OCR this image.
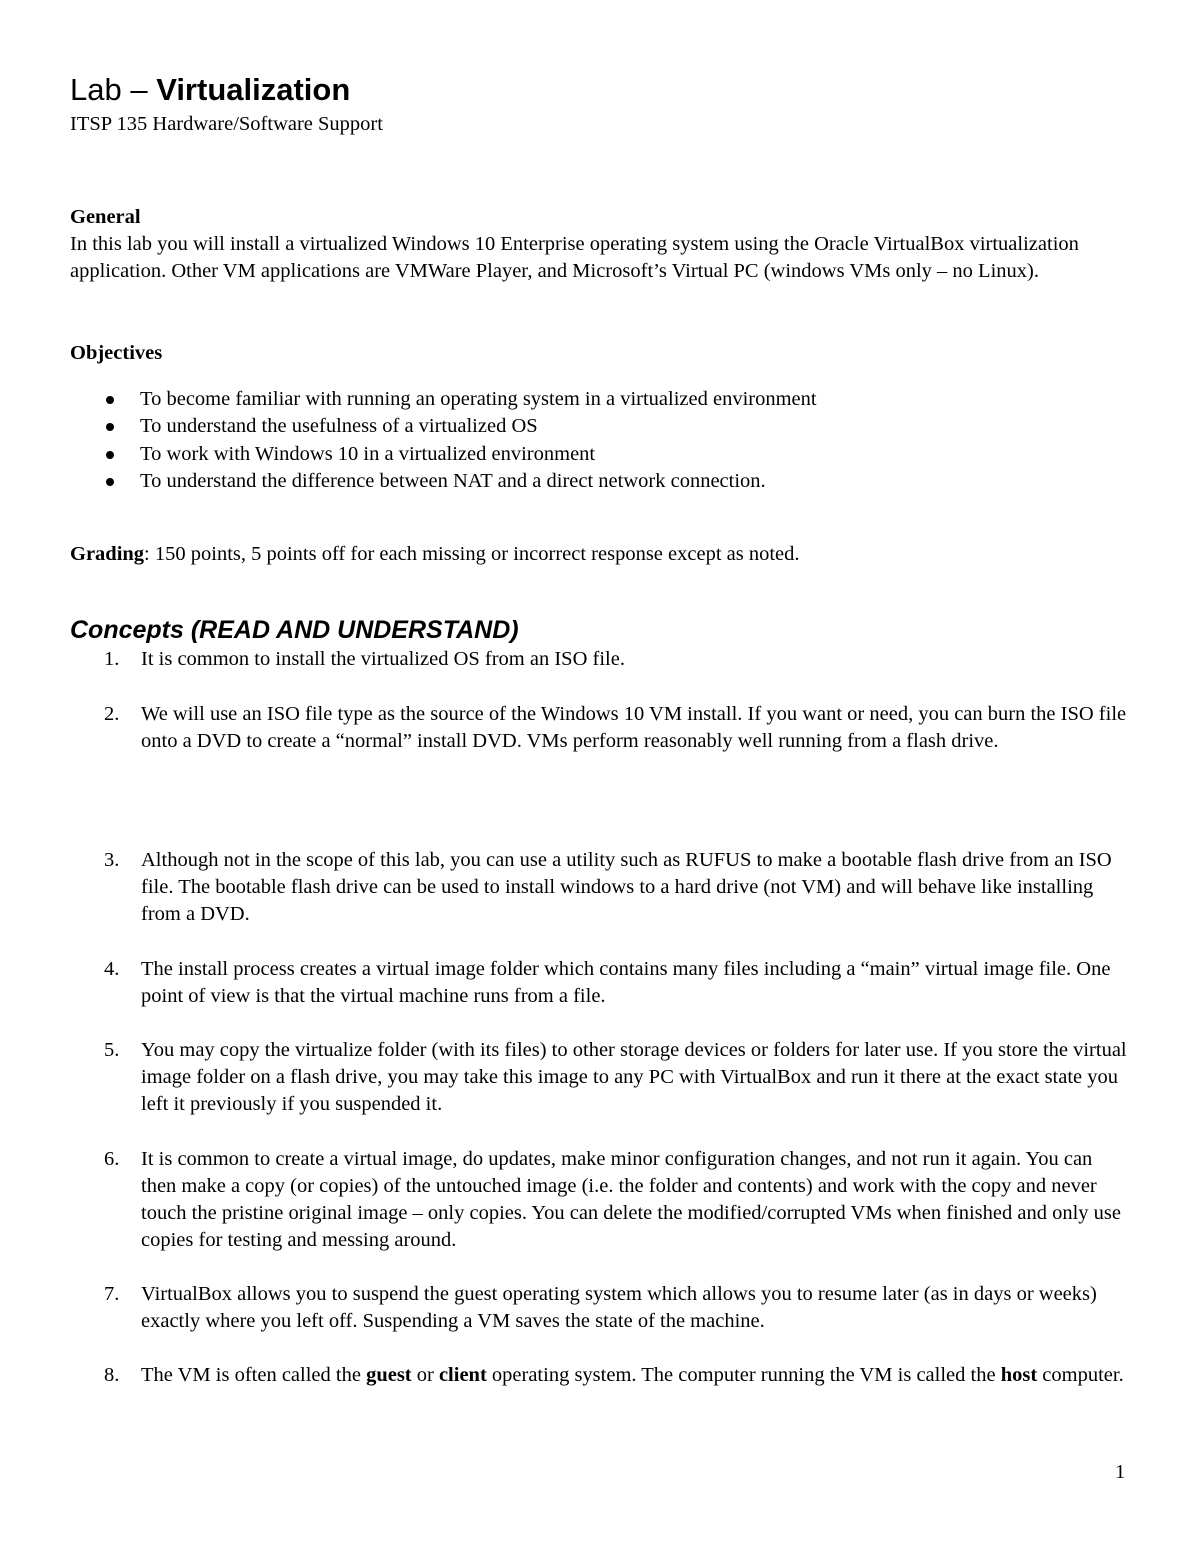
Lab – Virtualization

ITSP 135 Hardware/Software Support

General

In this lab you will install a virtualized Windows 10 Enterprise operating system using the Oracle VirtualBox virtualization application. Other VM applications are VMWare Player, and Microsoft’s Virtual PC (windows VMs only – no Linux).

Objectives

To become familiar with running an operating system in a virtualized environment
To understand the usefulness of a virtualized OS
To work with Windows 10 in a virtualized environment
To understand the difference between NAT and a direct network connection.

Grading: 150 points, 5 points off for each missing or incorrect response except as noted.

Concepts (READ AND UNDERSTAND)
1. It is common to install the virtualized OS from an ISO file.
2. We will use an ISO file type as the source of the Windows 10 VM install. If you want or need, you can burn the ISO file onto a DVD to create a “normal” install DVD. VMs perform reasonably well running from a flash drive.
3. Although not in the scope of this lab, you can use a utility such as RUFUS to make a bootable flash drive from an ISO file. The bootable flash drive can be used to install windows to a hard drive (not VM) and will behave like installing from a DVD.
4. The install process creates a virtual image folder which contains many files including a “main” virtual image file. One point of view is that the virtual machine runs from a file.
5. You may copy the virtualize folder (with its files) to other storage devices or folders for later use. If you store the virtual image folder on a flash drive, you may take this image to any PC with VirtualBox and run it there at the exact state you left it previously if you suspended it.
6. It is common to create a virtual image, do updates, make minor configuration changes, and not run it again. You can then make a copy (or copies) of the untouched image (i.e. the folder and contents) and work with the copy and never touch the pristine original image – only copies. You can delete the modified/corrupted VMs when finished and only use copies for testing and messing around.
7. VirtualBox allows you to suspend the guest operating system which allows you to resume later (as in days or weeks) exactly where you left off. Suspending a VM saves the state of the machine.
8. The VM is often called the guest or client operating system. The computer running the VM is called the host computer.

1
